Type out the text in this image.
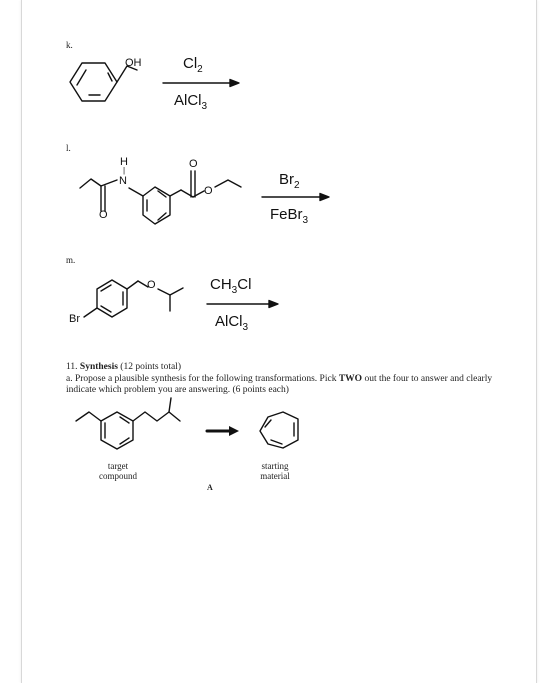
k.
OH	$Cl_2$
AlCl$_3$
l.
H
|
N
O
O
O
$Br_2$
FeBr$_3$
m.
O
Br
$CH_3Cl$
AlCl$_3$
11. Synthesis (12 points total)
a. Propose a plausible synthesis for the following transformations. Pick TWO out the four to answer and clearly indicate which problem you are answering. (6 points each)
target
compound
starting
material
A
